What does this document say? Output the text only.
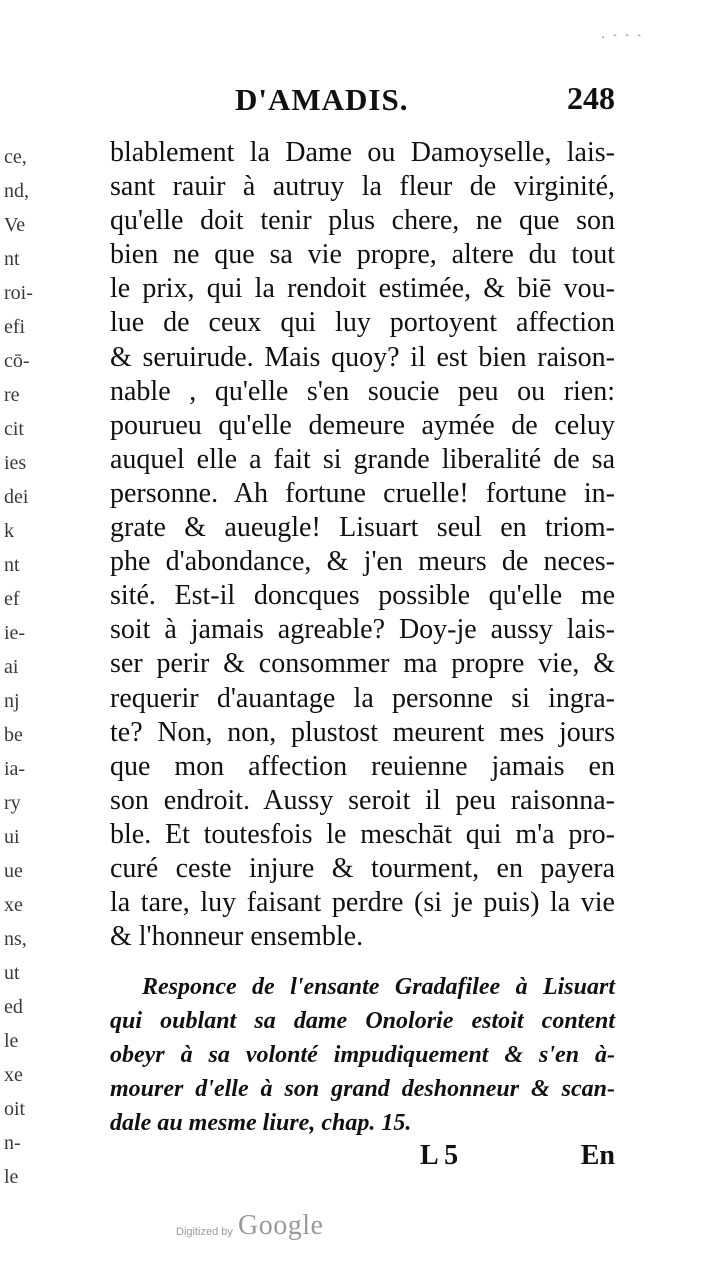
. - - -
ce,
nd,
Ve
nt
roi-
efi
cō-
re
cit
ies
dei
k
nt
ef
ie-
ai
nj
be
ia-
ry
ui
ue
xe
ns,
ut
ed
le
xe
oit
n-
le
D'AMADIS.	248
blablement la Dame ou Damoyselle, lais-
sant rauir à autruy la fleur de virginité,
qu'elle doit tenir plus chere, ne que son
bien ne que sa vie propre, altere du tout
le prix, qui la rendoit estimée, & biē vou-
lue de ceux qui luy portoyent affection
& seruirude. Mais quoy? il est bien raison-
nable , qu'elle s'en soucie peu ou rien:
pourueu qu'elle demeure aymée de celuy
auquel elle a fait si grande liberalité de sa
personne. Ah fortune cruelle! fortune in-
grate & aueugle! Lisuart seul en triom-
phe d'abondance, & j'en meurs de neces-
sité. Est-il doncques possible qu'elle me
soit à jamais agreable? Doy-je aussy lais-
ser perir & consommer ma propre vie, &
requerir d'auantage la personne si ingra-
te? Non, non, plustost meurent mes jours
que mon affection reuienne jamais en
son endroit. Aussy seroit il peu raisonna-
ble. Et toutesfois le meschāt qui m'a pro-
curé ceste injure & tourment, en payera
la tare, luy faisant perdre (si je puis) la vie
& l'honneur ensemble.
Responce de l'ensante Gradafilee à Lisuart
qui oublant sa dame Onolorie estoit content
obeyr à sa volonté impudiquement & s'en à-
mourer d'elle à son grand deshonneur & scan-
dale au mesme liure, chap. 15.
L 5	En
Digitized by Google
